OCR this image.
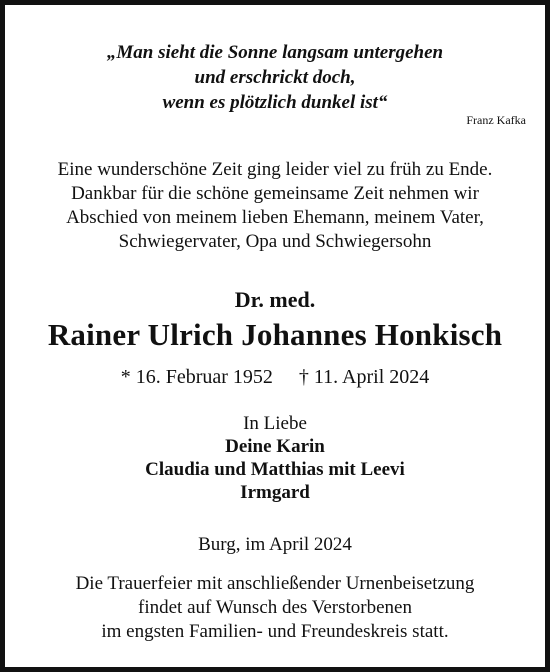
„Man sieht die Sonne langsam untergehen
und erschrickt doch,
wenn es plötzlich dunkel ist“
Franz Kafka
Eine wunderschöne Zeit ging leider viel zu früh zu Ende.
Dankbar für die schöne gemeinsame Zeit nehmen wir
Abschied von meinem lieben Ehemann, meinem Vater,
Schwiegervater, Opa und Schwiegersohn
Dr. med.
Rainer Ulrich Johannes Honkisch
* 16. Februar 1952 † 11. April 2024
In Liebe
Deine Karin
Claudia und Matthias mit Leevi
Irmgard
Burg, im April 2024
Die Trauerfeier mit anschließender Urnenbeisetzung
findet auf Wunsch des Verstorbenen
im engsten Familien- und Freundeskreis statt.
